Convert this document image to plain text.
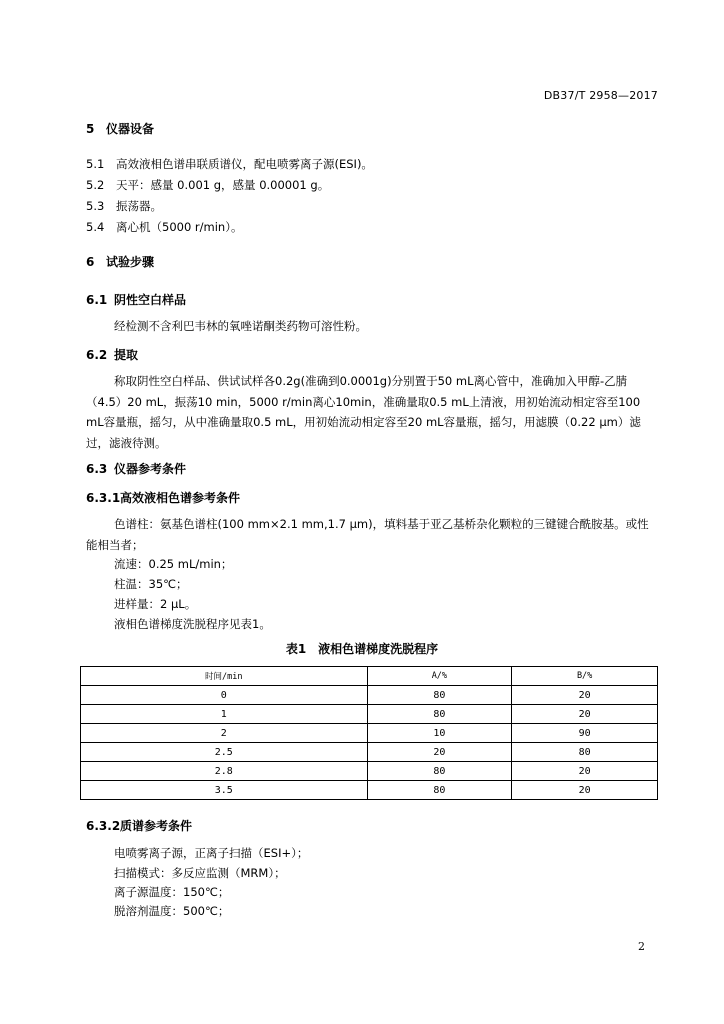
DB37/T 2958—2017
5 仪器设备
5.1 高效液相色谱串联质谱仪，配电喷雾离子源(ESI)。
5.2 天平：感量 0.001 g，感量 0.00001 g。
5.3 振荡器。
5.4 离心机（5000 r/min）。
6 试验步骤
6.1 阴性空白样品
经检测不含利巴韦林的氧唑诺酮类药物可溶性粉。
6.2 提取
称取阴性空白样品、供试试样各0.2g(准确到0.0001g)分别置于50 mL离心管中，准确加入甲醇-乙腈（4.5）20 mL，振荡10 min，5000 r/min离心10min，准确量取0.5 mL上清液，用初始流动相定容至100 mL容量瓶，摇匀，从中准确量取0.5 mL，用初始流动相定容至20 mL容量瓶，摇匀，用滤膜（0.22 μm）滤过，滤液待测。
6.3 仪器参考条件
6.3.1高效液相色谱参考条件
色谱柱：氨基色谱柱(100 mm×2.1 mm,1.7 μm)，填料基于亚乙基桥杂化颗粒的三键键合酰胺基。或性能相当者；
流速：0.25 mL/min；
柱温：35℃；
进样量：2 μL。
液相色谱梯度洗脱程序见表1。
表1　液相色谱梯度洗脱程序
时间/min	A/%	B/%
0	80	20
1	80	20
2	10	90
2.5	20	80
2.8	80	20
3.5	80	20
6.3.2质谱参考条件
电喷雾离子源，正离子扫描（ESI+）；
扫描模式：多反应监测（MRM）；
离子源温度：150℃；
脱溶剂温度：500℃；
2
